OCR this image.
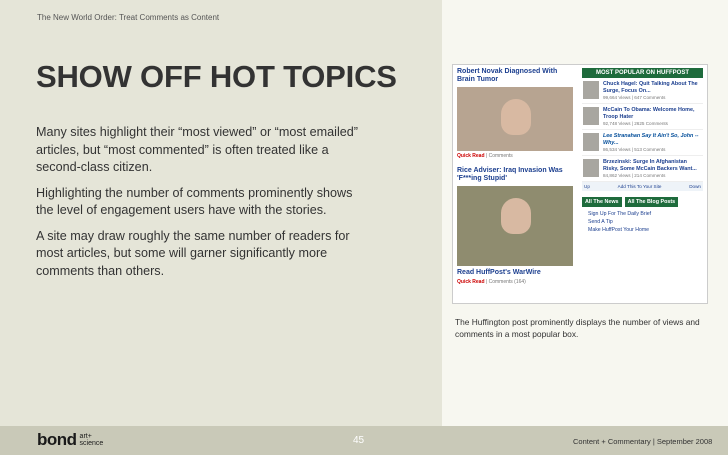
The New World Order: Treat Comments as Content
SHOW OFF HOT TOPICS

Many sites highlight their “most viewed” or “most emailed” articles, but “most commented” is often treated like a second-class citizen.

Highlighting the number of comments prominently shows the level of engagement users have with the stories.

A site may draw roughly the same number of readers for most articles, but some will garner significantly more comments than others.

Robert Novak Diagnosed With Brain Tumor
Quick Read | Comments
Rice Adviser: Iraq Invasion Was 'F***ing Stupid'
Read HuffPost's WarWire
Quick Read | Comments (164)
MOST POPULAR ON HUFFPOST
Chuck Hagel: Quit Talking About The Surge, Focus On...
99,664 Views | 647 Comments
McCain To Obama: Welcome Home, Troop Hater
92,748 Views | 2625 Comments
Lee Stranahan Say It Ain't So, John -- Why...
86,534 Views | 513 Comments
Brzezinski: Surge In Afghanistan Risky, Some McCain Backers Want...
84,862 Views | 214 Comments
Up	Add This To Your Site	Down
All The News	All The Blog Posts
Sign Up For The Daily Brief
Send A Tip
Make HuffPost Your Home
The Huffington post prominently displays the number of views and comments in a most popular box.
bond art+
science	45	Content + Commentary | September 2008
